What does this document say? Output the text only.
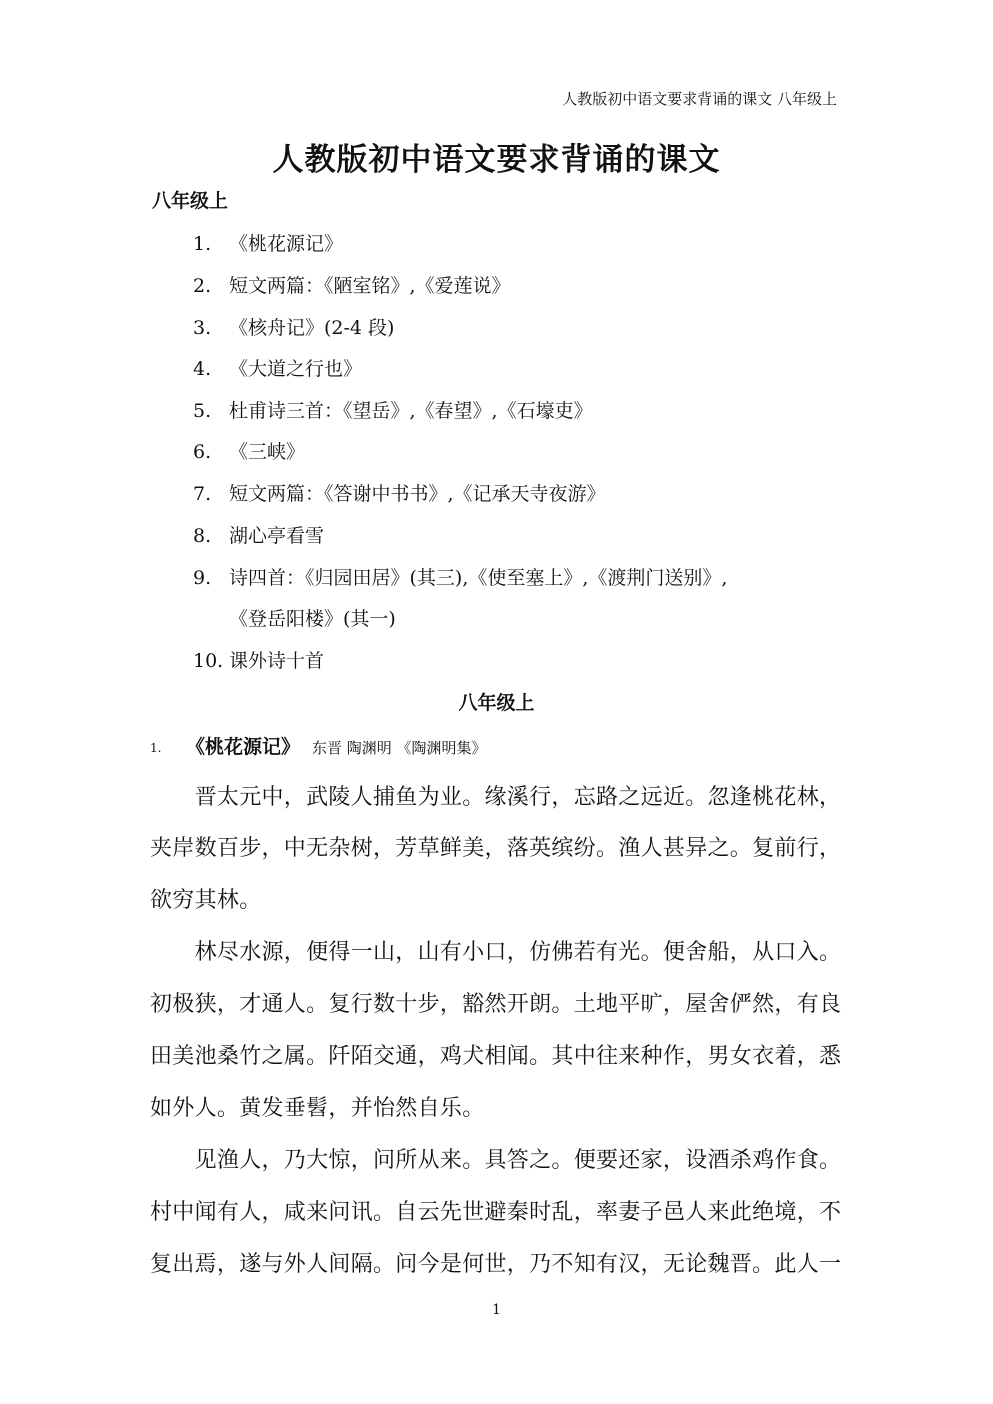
人教版初中语文要求背诵的课文 八年级上
人教版初中语文要求背诵的课文
八年级上
1. 《桃花源记》
2. 短文两篇：《陋室铭》,《爱莲说》
3. 《核舟记》(2-4 段)
4. 《大道之行也》
5. 杜甫诗三首：《望岳》,《春望》,《石壕吏》
6. 《三峡》
7. 短文两篇：《答谢中书书》,《记承天寺夜游》
8. 湖心亭看雪
9. 诗四首：《归园田居》(其三),《使至塞上》,《渡荆门送别》,
《登岳阳楼》(其一)
10. 课外诗十首
八年级上
1. 《桃花源记》 东晋 陶渊明 《陶渊明集》
　　晋太元中，武陵人捕鱼为业。缘溪行，忘路之远近。忽逢桃花林，
夹岸数百步，中无杂树，芳草鲜美，落英缤纷。渔人甚异之。复前行，
欲穷其林。
　　林尽水源，便得一山，山有小口，仿佛若有光。便舍船，从口入。
初极狭，才通人。复行数十步，豁然开朗。土地平旷，屋舍俨然，有良
田美池桑竹之属。阡陌交通，鸡犬相闻。其中往来种作，男女衣着，悉
如外人。黄发垂髫，并怡然自乐。
　　见渔人，乃大惊，问所从来。具答之。便要还家，设酒杀鸡作食。
村中闻有人，咸来问讯。自云先世避秦时乱，率妻子邑人来此绝境，不
复出焉，遂与外人间隔。问今是何世，乃不知有汉，无论魏晋。此人一
1
